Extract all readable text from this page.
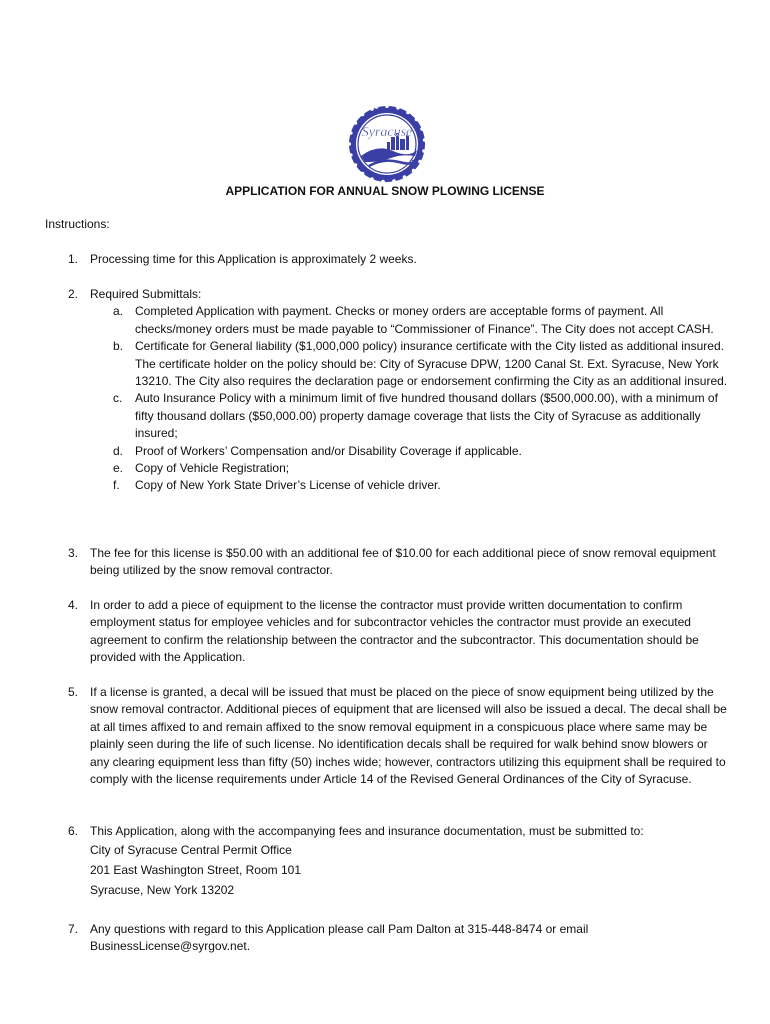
Syracuse
APPLICATION FOR ANNUAL SNOW PLOWING LICENSE
Instructions:
1. Processing time for this Application is approximately 2 weeks.
2. Required Submittals:
a. Completed Application with payment. Checks or money orders are acceptable forms of payment. All checks/money orders must be made payable to “Commissioner of Finance”. The City does not accept CASH.
b. Certificate for General liability ($1,000,000 policy) insurance certificate with the City listed as additional insured. The certificate holder on the policy should be: City of Syracuse DPW, 1200 Canal St. Ext. Syracuse, New York 13210. The City also requires the declaration page or endorsement confirming the City as an additional insured.
c. Auto Insurance Policy with a minimum limit of five hundred thousand dollars ($500,000.00), with a minimum of fifty thousand dollars ($50,000.00) property damage coverage that lists the City of Syracuse as additionally insured;
d. Proof of Workers’ Compensation and/or Disability Coverage if applicable.
e. Copy of Vehicle Registration;
f. Copy of New York State Driver’s License of vehicle driver.
3. The fee for this license is $50.00 with an additional fee of $10.00 for each additional piece of snow removal equipment being utilized by the snow removal contractor.
4. In order to add a piece of equipment to the license the contractor must provide written documentation to confirm employment status for employee vehicles and for subcontractor vehicles the contractor must provide an executed agreement to confirm the relationship between the contractor and the subcontractor. This documentation should be provided with the Application.
5. If a license is granted, a decal will be issued that must be placed on the piece of snow equipment being utilized by the snow removal contractor. Additional pieces of equipment that are licensed will also be issued a decal. The decal shall be at all times affixed to and remain affixed to the snow removal equipment in a conspicuous place where same may be plainly seen during the life of such license. No identification decals shall be required for walk behind snow blowers or any clearing equipment less than fifty (50) inches wide; however, contractors utilizing this equipment shall be required to comply with the license requirements under Article 14 of the Revised General Ordinances of the City of Syracuse.
6. This Application, along with the accompanying fees and insurance documentation, must be submitted to:
City of Syracuse Central Permit Office
201 East Washington Street, Room 101
Syracuse, New York 13202
7. Any questions with regard to this Application please call Pam Dalton at 315-448-8474 or email BusinessLicense@syrgov.net.
